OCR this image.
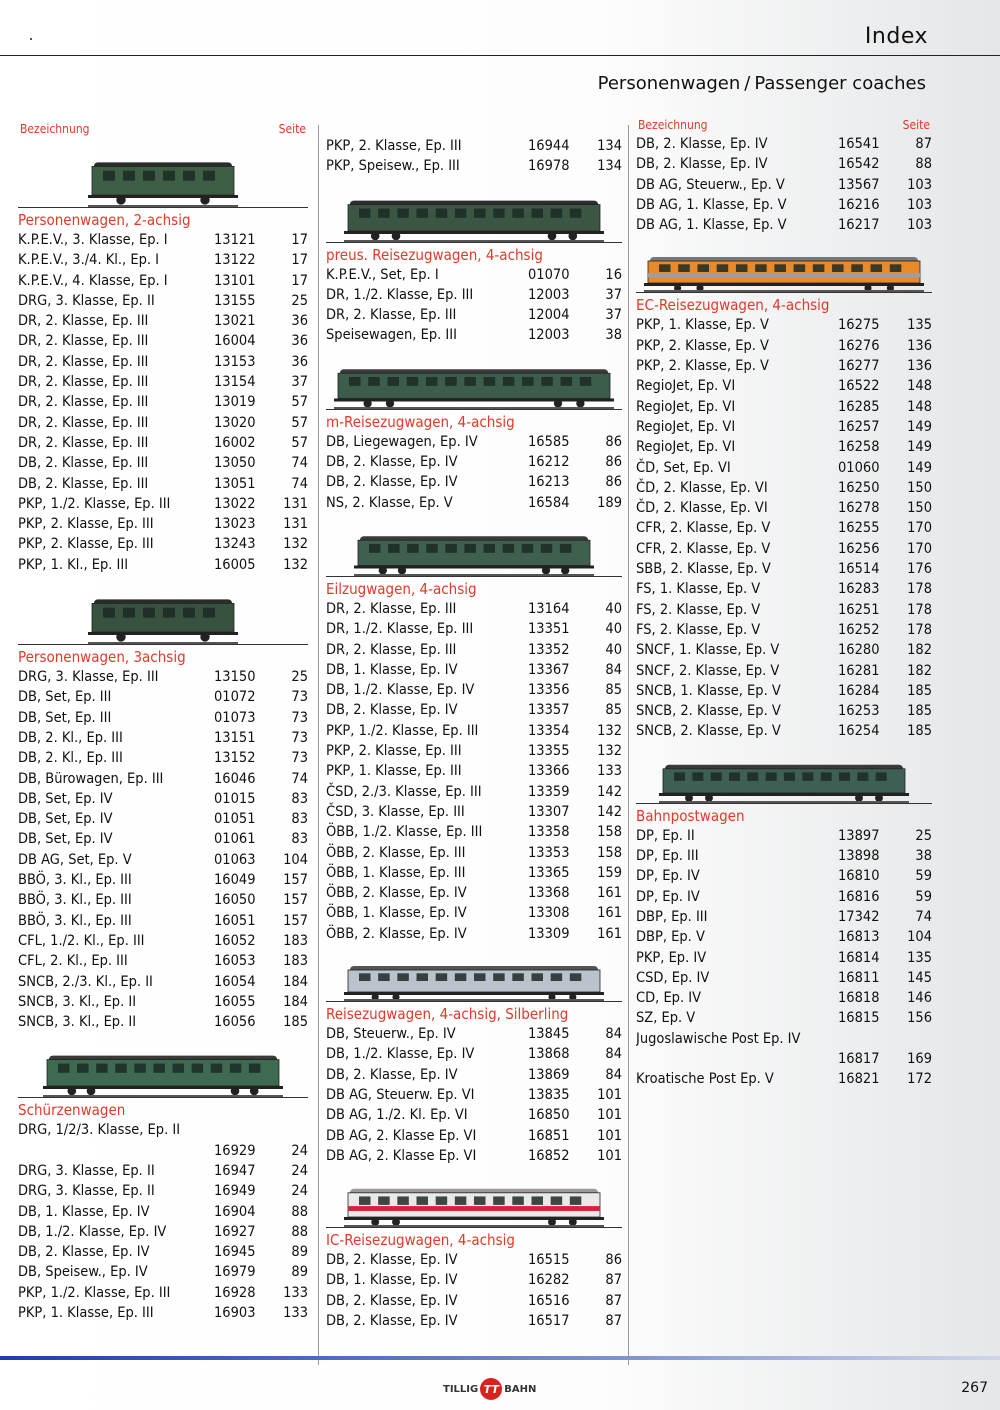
Index
Personenwagen / Passenger coaches
Bezeichnung	Seite
Personenwagen, 2-achsig
K.P.E.V., 3. Klasse, Ep. I	13121	17
K.P.E.V., 3./4. Kl., Ep. I	13122	17
K.P.E.V., 4. Klasse, Ep. I	13101	17
DRG, 3. Klasse, Ep. II	13155	25
DR, 2. Klasse, Ep. III	13021	36
DR, 2. Klasse, Ep. III	16004	36
DR, 2. Klasse, Ep. III	13153	36
DR, 2. Klasse, Ep. III	13154	37
DR, 2. Klasse, Ep. III	13019	57
DR, 2. Klasse, Ep. III	13020	57
DR, 2. Klasse, Ep. III	16002	57
DB, 2. Klasse, Ep. III	13050	74
DB, 2. Klasse, Ep. III	13051	74
PKP, 1./2. Klasse, Ep. III	13022	131
PKP, 2. Klasse, Ep. III	13023	131
PKP, 2. Klasse, Ep. III	13243	132
PKP, 1. Kl., Ep. III	16005	132
Personenwagen, 3achsig
DRG, 3. Klasse, Ep. III	13150	25
DB, Set, Ep. III	01072	73
DB, Set, Ep. III	01073	73
DB, 2. Kl., Ep. III	13151	73
DB, 2. Kl., Ep. III	13152	73
DB, Bürowagen, Ep. III	16046	74
DB, Set, Ep. IV	01015	83
DB, Set, Ep. IV	01051	83
DB, Set, Ep. IV	01061	83
DB AG, Set, Ep. V	01063	104
BBÖ, 3. Kl., Ep. III	16049	157
BBÖ, 3. Kl., Ep. III	16050	157
BBÖ, 3. Kl., Ep. III	16051	157
CFL, 1./2. Kl., Ep. III	16052	183
CFL, 2. Kl., Ep. III	16053	183
SNCB, 2./3. Kl., Ep. II	16054	184
SNCB, 3. Kl., Ep. II	16055	184
SNCB, 3. Kl., Ep. II	16056	185
Schürzenwagen
DRG, 1/2/3. Klasse, Ep. II
16929	24
DRG, 3. Klasse, Ep. II	16947	24
DRG, 3. Klasse, Ep. II	16949	24
DB, 1. Klasse, Ep. IV	16904	88
DB, 1./2. Klasse, Ep. IV	16927	88
DB, 2. Klasse, Ep. IV	16945	89
DB, Speisew., Ep. IV	16979	89
PKP, 1./2. Klasse, Ep. III	16928	133
PKP, 1. Klasse, Ep. III	16903	133
PKP, 2. Klasse, Ep. III	16944	134
PKP, Speisew., Ep. III	16978	134
preus. Reisezugwagen, 4-achsig
K.P.E.V., Set, Ep. I	01070	16
DR, 1./2. Klasse, Ep. III	12003	37
DR, 2. Klasse, Ep. III	12004	37
Speisewagen, Ep. III	12003	38
m-Reisezugwagen, 4-achsig
DB, Liegewagen, Ep. IV	16585	86
DB, 2. Klasse, Ep. IV	16212	86
DB, 2. Klasse, Ep. IV	16213	86
NS, 2. Klasse, Ep. V	16584	189
Eilzugwagen, 4-achsig
DR, 2. Klasse, Ep. III	13164	40
DR, 1./2. Klasse, Ep. III	13351	40
DR, 2. Klasse, Ep. III	13352	40
DB, 1. Klasse, Ep. IV	13367	84
DB, 1./2. Klasse, Ep. IV	13356	85
DB, 2. Klasse, Ep. IV	13357	85
PKP, 1./2. Klasse, Ep. III	13354	132
PKP, 2. Klasse, Ep. III	13355	132
PKP, 1. Klasse, Ep. III	13366	133
ČSD, 2./3. Klasse, Ep. III	13359	142
ČSD, 3. Klasse, Ep. III	13307	142
ÖBB, 1./2. Klasse, Ep. III	13358	158
ÖBB, 2. Klasse, Ep. III	13353	158
ÖBB, 1. Klasse, Ep. III	13365	159
ÖBB, 2. Klasse, Ep. IV	13368	161
ÖBB, 1. Klasse, Ep. IV	13308	161
ÖBB, 2. Klasse, Ep. IV	13309	161
Reisezugwagen, 4-achsig, Silberling
DB, Steuerw., Ep. IV	13845	84
DB, 1./2. Klasse, Ep. IV	13868	84
DB, 2. Klasse, Ep. IV	13869	84
DB AG, Steuerw. Ep. VI	13835	101
DB AG, 1./2. Kl. Ep. VI	16850	101
DB AG, 2. Klasse Ep. VI	16851	101
DB AG, 2. Klasse Ep. VI	16852	101
IC-Reisezugwagen, 4-achsig
DB, 2. Klasse, Ep. IV	16515	86
DB, 1. Klasse, Ep. IV	16282	87
DB, 2. Klasse, Ep. IV	16516	87
DB, 2. Klasse, Ep. IV	16517	87
Bezeichnung	Seite
DB, 2. Klasse, Ep. IV	16541	87
DB, 2. Klasse, Ep. IV	16542	88
DB AG, Steuerw., Ep. V	13567	103
DB AG, 1. Klasse, Ep. V	16216	103
DB AG, 1. Klasse, Ep. V	16217	103
EC-Reisezugwagen, 4-achsig
PKP, 1. Klasse, Ep. V	16275	135
PKP, 2. Klasse, Ep. V	16276	136
PKP, 2. Klasse, Ep. V	16277	136
RegioJet, Ep. VI	16522	148
RegioJet, Ep. VI	16285	148
RegioJet, Ep. VI	16257	149
RegioJet, Ep. VI	16258	149
ČD, Set, Ep. VI	01060	149
ČD, 2. Klasse, Ep. VI	16250	150
ČD, 2. Klasse, Ep. VI	16278	150
CFR, 2. Klasse, Ep. V	16255	170
CFR, 2. Klasse, Ep. V	16256	170
SBB, 2. Klasse, Ep. V	16514	176
FS, 1. Klasse, Ep. V	16283	178
FS, 2. Klasse, Ep. V	16251	178
FS, 2. Klasse, Ep. V	16252	178
SNCF, 1. Klasse, Ep. V	16280	182
SNCF, 2. Klasse, Ep. V	16281	182
SNCB, 1. Klasse, Ep. V	16284	185
SNCB, 2. Klasse, Ep. V	16253	185
SNCB, 2. Klasse, Ep. V	16254	185
Bahnpostwagen
DP, Ep. II	13897	25
DP, Ep. III	13898	38
DP, Ep. IV	16810	59
DP, Ep. IV	16816	59
DBP, Ep. III	17342	74
DBP, Ep. V	16813	104
PKP, Ep. IV	16814	135
CSD, Ep. IV	16811	145
CD, Ep. IV	16818	146
SZ, Ep. V	16815	156
Jugoslawische Post Ep. IV
16817	169
Kroatische Post Ep. V	16821	172
TILLIG TT BAHN	267
